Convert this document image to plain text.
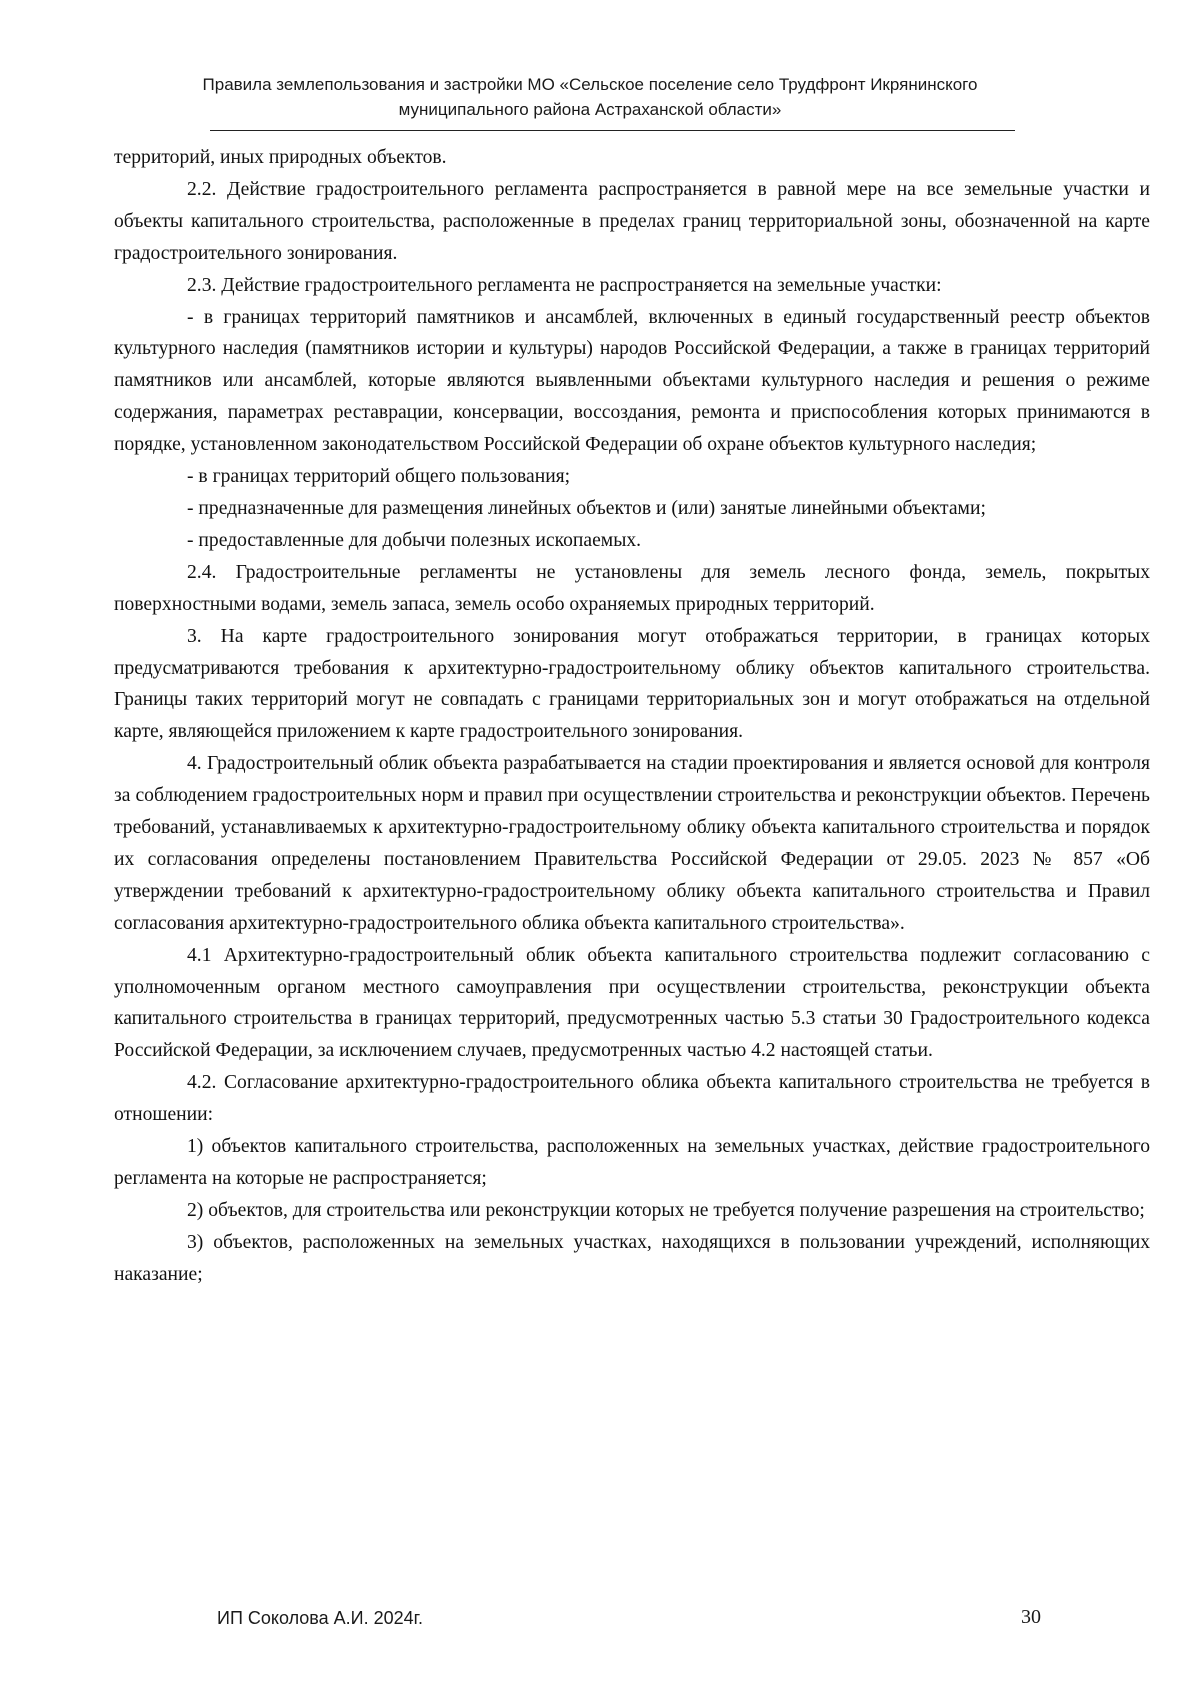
Правила землепользования и застройки МО «Сельское поселение село Трудфронт Икрянинского
муниципального района Астраханской области»

территорий, иных природных объектов.

2.2. Действие градостроительного регламента распространяется в равной мере на все земельные участки и объекты капитального строительства, расположенные в пределах границ территориальной зоны, обозначенной на карте градостроительного зонирования.

2.3. Действие градостроительного регламента не распространяется на земельные участки:

- в границах территорий памятников и ансамблей, включенных в единый государственный реестр объектов культурного наследия (памятников истории и культуры) народов Российской Федерации, а также в границах территорий памятников или ансамблей, которые являются выявленными объектами культурного наследия и решения о режиме содержания, параметрах реставрации, консервации, воссоздания, ремонта и приспособления которых принимаются в порядке, установленном законодательством Российской Федерации об охране объектов культурного наследия;

- в границах территорий общего пользования;

- предназначенные для размещения линейных объектов и (или) занятые линейными объектами;

- предоставленные для добычи полезных ископаемых.

2.4. Градостроительные регламенты не установлены для земель лесного фонда, земель, покрытых поверхностными водами, земель запаса, земель особо охраняемых природных территорий.

3. На карте градостроительного зонирования могут отображаться территории, в границах которых предусматриваются требования к архитектурно-градостроительному облику объектов капитального строительства. Границы таких территорий могут не совпадать с границами территориальных зон и могут отображаться на отдельной карте, являющейся приложением к карте градостроительного зонирования.

4. Градостроительный облик объекта разрабатывается на стадии проектирования и является основой для контроля за соблюдением градостроительных норм и правил при осуществлении строительства и реконструкции объектов. Перечень требований, устанавливаемых к архитектурно-градостроительному облику объекта капитального строительства и порядок их согласования определены постановлением Правительства Российской Федерации от 29.05. 2023 № 857 «Об утверждении требований к архитектурно-градостроительному облику объекта капитального строительства и Правил согласования архитектурно-градостроительного облика объекта капитального строительства».

4.1 Архитектурно-градостроительный облик объекта капитального строительства подлежит согласованию с уполномоченным органом местного самоуправления при осуществлении строительства, реконструкции объекта капитального строительства в границах территорий, предусмотренных частью 5.3 статьи 30 Градостроительного кодекса Российской Федерации, за исключением случаев, предусмотренных частью 4.2 настоящей статьи.

4.2. Согласование архитектурно-градостроительного облика объекта капитального строительства не требуется в отношении:

1) объектов капитального строительства, расположенных на земельных участках, действие градостроительного регламента на которые не распространяется;

2) объектов, для строительства или реконструкции которых не требуется получение разрешения на строительство;

3) объектов, расположенных на земельных участках, находящихся в пользовании учреждений, исполняющих наказание;

ИП Соколова А.И. 2024г.	30
